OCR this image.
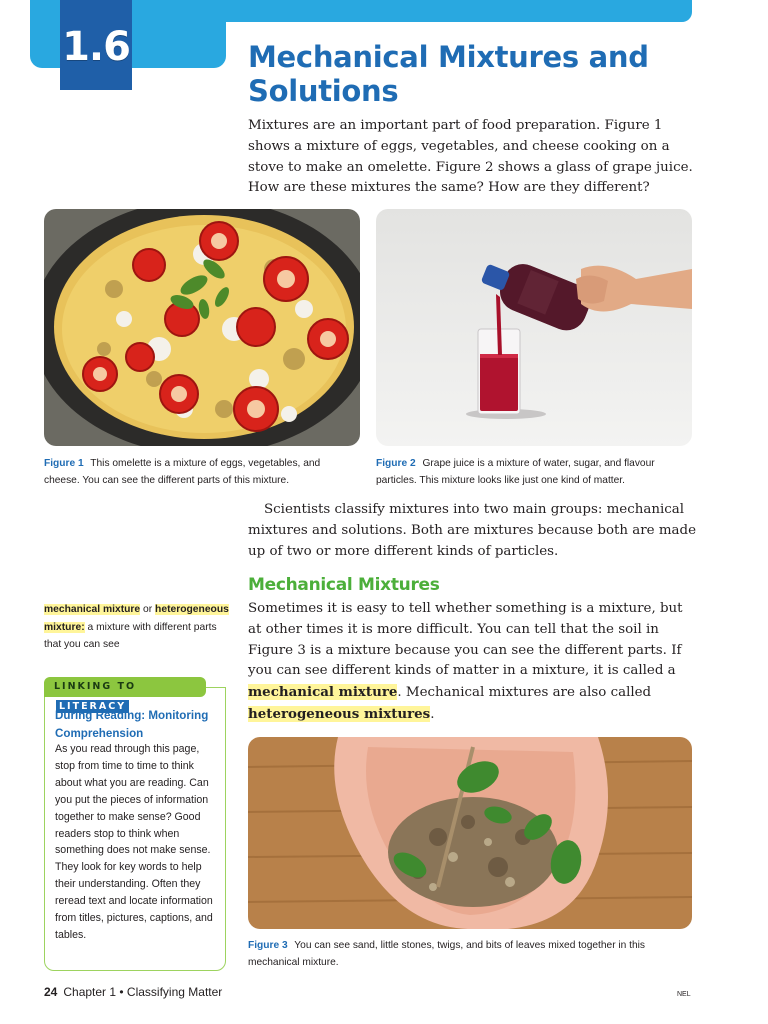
1.6	Mechanical Mixtures and Solutions

Mixtures are an important part of food preparation. Figure 1 shows a mixture of eggs, vegetables, and cheese cooking on a stove to make an omelette. Figure 2 shows a glass of grape juice. How are these mixtures the same? How are they different?

Figure 1 This omelette is a mixture of eggs, vegetables, and cheese. You can see the different parts of this mixture.
Figure 2 Grape juice is a mixture of water, sugar, and flavour particles. This mixture looks like just one kind of matter.

Scientists classify mixtures into two main groups: mechanical mixtures and solutions. Both are mixtures because both are made up of two or more different kinds of particles.

Mechanical Mixtures

Sometimes it is easy to tell whether something is a mixture, but at other times it is more difficult. You can tell that the soil in Figure 3 is a mixture because you can see the different parts. If you can see different kinds of matter in a mixture, it is called a mechanical mixture. Mechanical mixtures are also called heterogeneous mixtures.

mechanical mixture or heterogeneous mixture: a mixture with different parts that you can see
LINKING TO LITERACY
During Reading: Monitoring Comprehension
As you read through this page, stop from time to time to think about what you are reading. Can you put the pieces of information together to make sense? Good readers stop to think when something does not make sense. They look for key words to help their understanding. Often they reread text and locate information from titles, pictures, captions, and tables.
Figure 3 You can see sand, little stones, twigs, and bits of leaves mixed together in this mechanical mixture.
24 Chapter 1 • Classifying Matter	NEL
